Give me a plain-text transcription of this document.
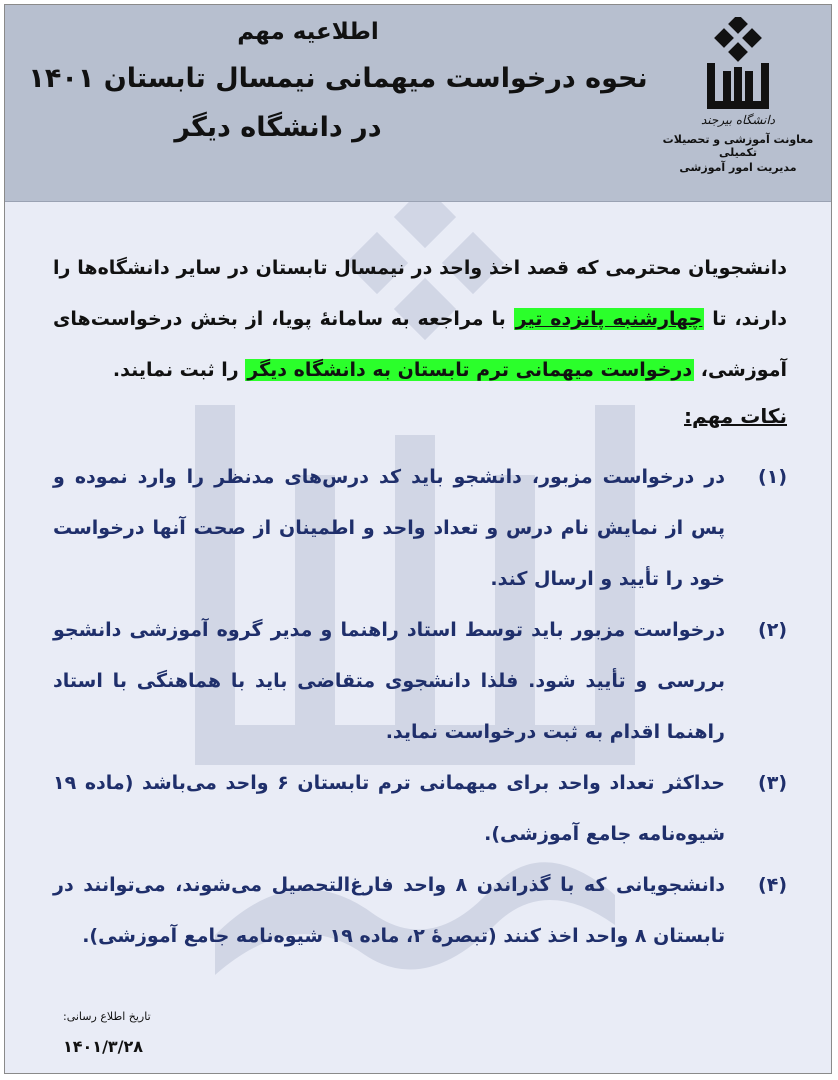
دانشگاه بیرجند
معاونت آموزشی و تحصیلات تکمیلی
مدیریت امور آموزشی
اطلاعیه مهم
نحوه درخواست میهمانی نیمسال تابستان ۱۴۰۱
در دانشگاه دیگر

دانشجویان محترمی که قصد اخذ واحد در نیمسال تابستان در سایر دانشگاه‌ها را دارند، تا چهارشنبه پانزده تیر با مراجعه به سامانۀ پویا، از بخش درخواست‌های آموزشی، درخواست میهمانی ترم تابستان به دانشگاه دیگر را ثبت نمایند.

نکات مهم:
(۱)
در درخواست مزبور، دانشجو باید کد درس‌های مدنظر را وارد نموده و پس از نمایش نام درس و تعداد واحد و اطمینان از صحت آنها درخواست خود را تأیید و ارسال کند.
(۲)
درخواست مزبور باید توسط استاد راهنما و مدیر گروه آموزشی دانشجو بررسی و تأیید شود. فلذا دانشجوی متقاضی باید با هماهنگی با استاد راهنما اقدام به ثبت درخواست نماید.
(۳)
حداکثر تعداد واحد برای میهمانی ترم تابستان ۶ واحد می‌باشد (ماده ۱۹ شیوه‌نامه جامع آموزشی).
(۴)
دانشجویانی که با گذراندن ۸ واحد فارغ‌التحصیل می‌شوند، می‌توانند در تابستان ۸ واحد اخذ کنند (تبصرۀ ۲، ماده ۱۹ شیوه‌نامه جامع آموزشی).
تاریخ اطلاع رسانی:
۱۴۰۱/۳/۲۸
